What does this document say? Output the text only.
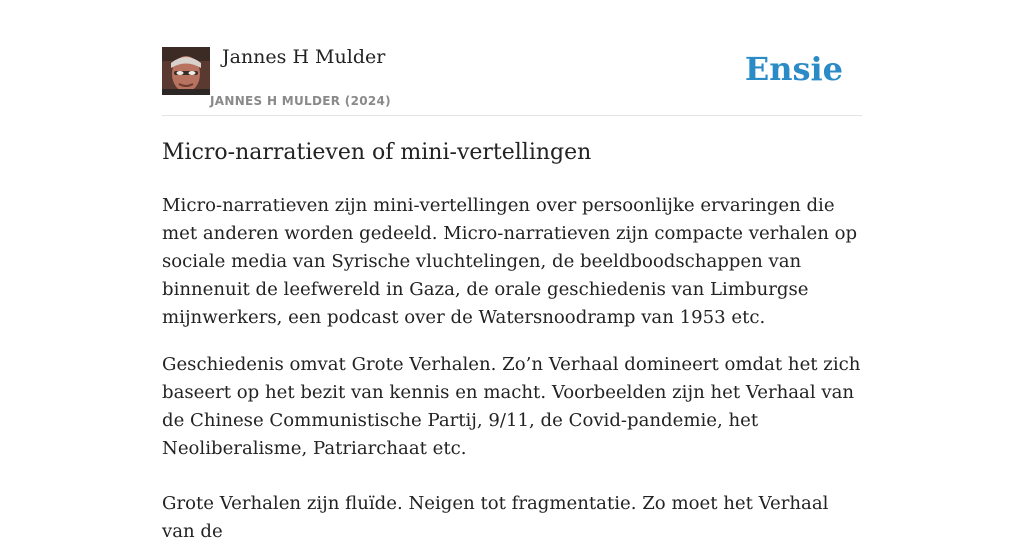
Jannes H Mulder
JANNES H MULDER (2024)
Ensie
Micro-narratieven of mini-vertellingen

Micro-narratieven zijn mini-vertellingen over persoonlijke ervaringen die met anderen worden gedeeld. Micro-narratieven zijn compacte verhalen op sociale media van Syrische vluchtelingen, de beeldboodschappen van binnenuit de leefwereld in Gaza, de orale geschiedenis van Limburgse mijnwerkers, een podcast over de Watersnoodramp van 1953 etc.

Geschiedenis omvat Grote Verhalen. Zo’n Verhaal domineert omdat het zich baseert op het bezit van kennis en macht. Voorbeelden zijn het Verhaal van de Chinese Communistische Partij, 9/11, de Covid-pandemie, het Neoliberalisme, Patriarchaat etc.

Grote Verhalen zijn fluïde. Neigen tot fragmentatie. Zo moet het Verhaal van de
